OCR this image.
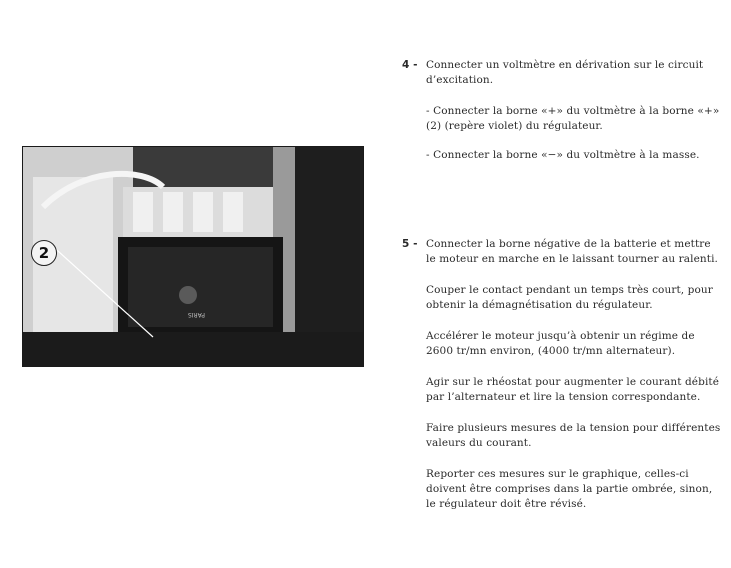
PARIS
2
4 - Connecter un voltmètre en dérivation sur le circuit d’excitation.

- Connecter la borne «+» du voltmètre à la borne «+» (2) (repère violet) du régulateur.

- Connecter la borne «−» du voltmètre à la masse.

5 - Connecter la borne négative de la batterie et mettre le moteur en marche en le laissant tourner au ralenti.

Couper le contact pendant un temps très court, pour obtenir la démagnétisation du régulateur.

Accélérer le moteur jusqu’à obtenir un régime de 2600 tr/mn environ, (4000 tr/mn alternateur).

Agir sur le rhéostat pour augmenter le courant débité par l’alternateur et lire la tension correspondante.

Faire plusieurs mesures de la tension pour différentes valeurs du courant.

Reporter ces mesures sur le graphique, celles-ci doivent être comprises dans la partie ombrée, sinon, le régulateur doit être révisé.
